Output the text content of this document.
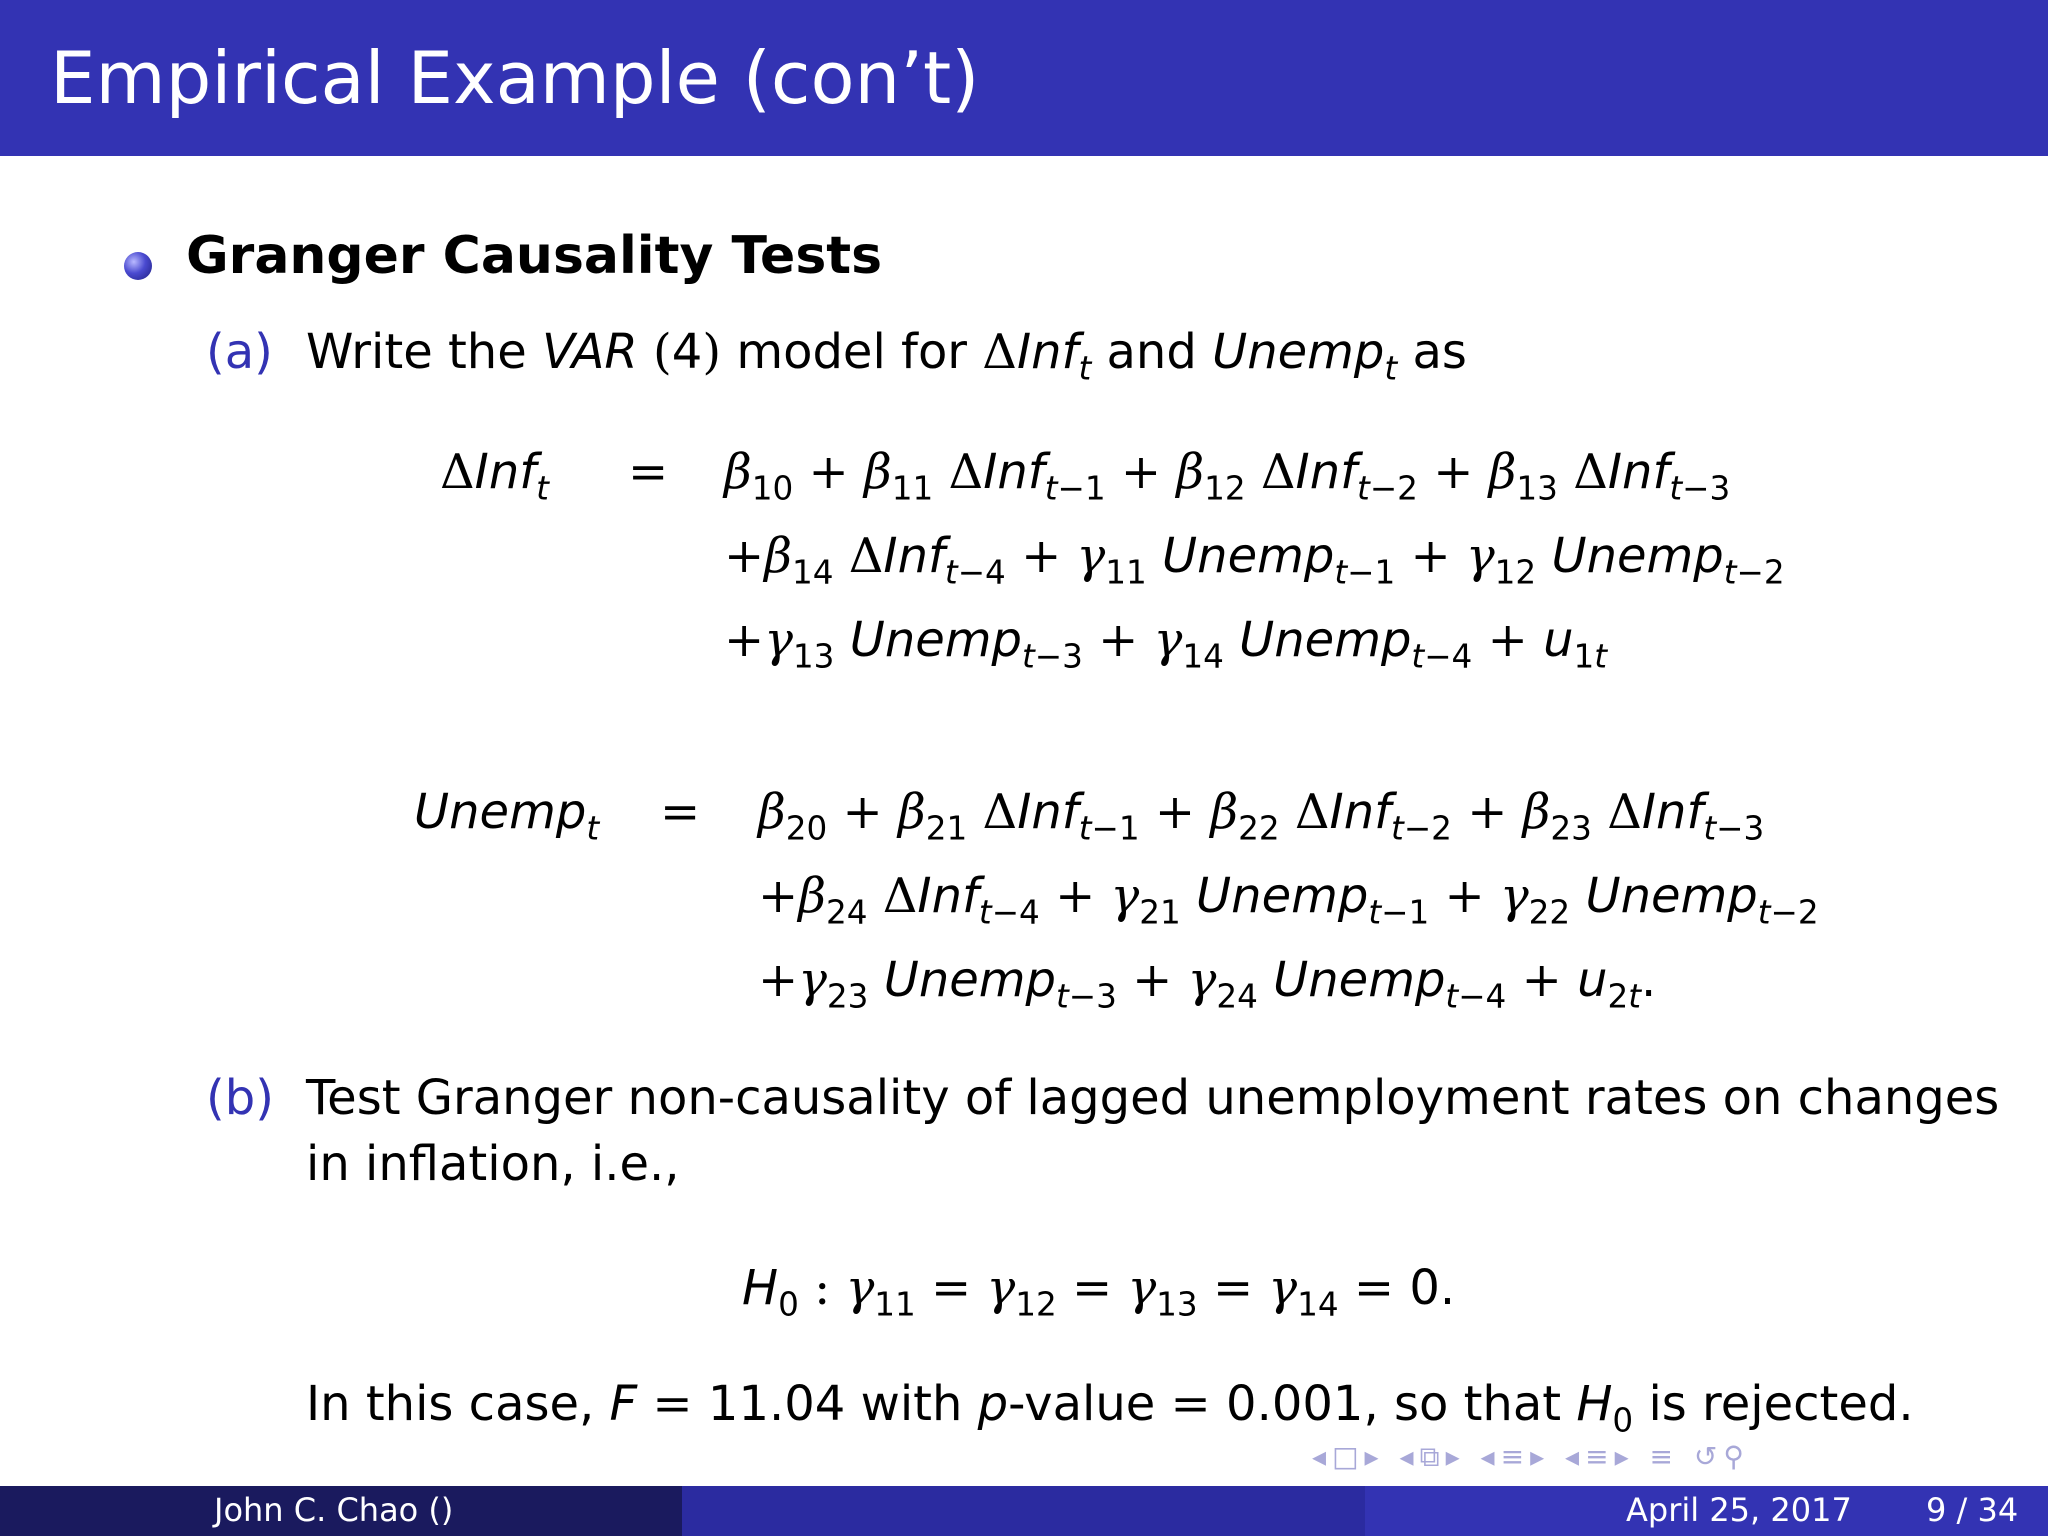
Empirical Example (con’t)
Granger Causality Tests
(a) Write the VAR (4) model for ΔInf$_t$ and Unemp$_t$ as
$\Delta Inf_t = \beta_{10} + \beta_{11}$ $\Delta Inf_{t-1} + \beta_{12}$ $\Delta Inf_{t-2} + \beta_{13}$ ΔInf$_{t-3}$
$+\beta_{14}$ $\Delta Inf_{t-4} + \gamma_{11}$ Unemp$_{t-1}$ + $\gamma_{12}$ Unemp$_{t-2}$
$+\gamma_{13}$ Unemp$_{t-3}$ + $\gamma_{14}$ Unemp$_{t-4}$ + $u_{1t}$
Unemp$_t$ = $\beta_{20} + \beta_{21}$ $\Delta Inf_{t-1} + \beta_{22}$ $\Delta Inf_{t-2} + \beta_{23}$ ΔInf$_{t-3}$
$+\beta_{24}$ $\Delta Inf_{t-4} + \gamma_{21}$ Unemp$_{t-1}$ + $\gamma_{22}$ Unemp$_{t-2}$
$+\gamma_{23}$ Unemp$_{t-3}$ + $\gamma_{24}$ Unemp$_{t-4}$ + $u_{2t}$.
(b) Test Granger non-causality of lagged unemployment rates on changes
in inflation, i.e.,
$H_0$ : $\gamma_{11} = \gamma_{12} = \gamma_{13} = \gamma_{14} = 0$.
In this case, F = 11.04 with p-value = 0.001, so that $H_0$ is rejected.
◂□▸ ◂⧉▸ ◂≡▸ ◂≡▸ ≡ ↺⚲
John C. Chao ()	April 25, 2017 9 / 34
